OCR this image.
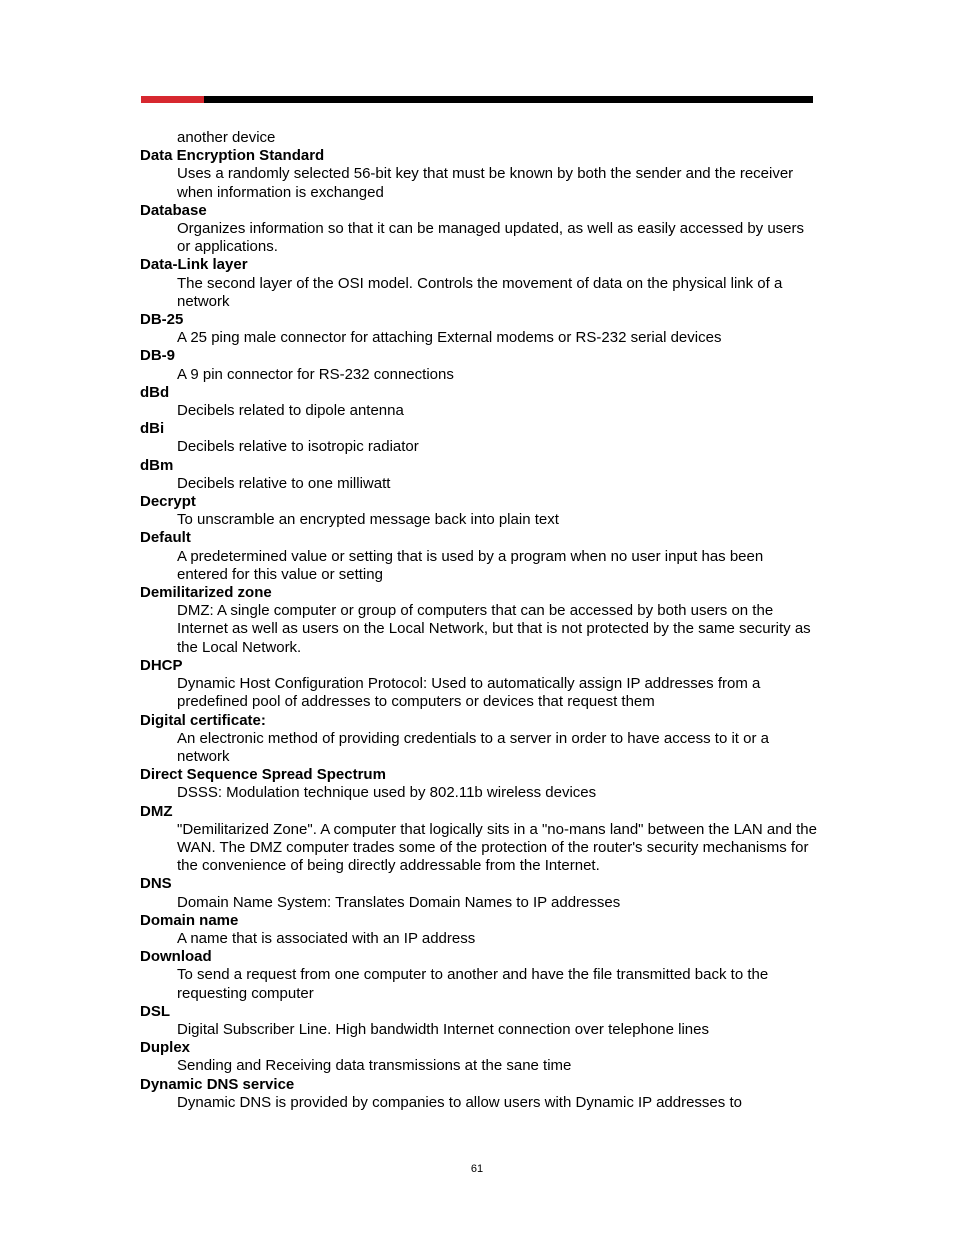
another device

Data Encryption Standard

Uses a randomly selected 56-bit key that must be known by both the sender and the receiver when information is exchanged

Database

Organizes information so that it can be managed updated, as well as easily accessed by users or applications.

Data-Link layer

The second layer of the OSI model. Controls the movement of data on the physical link of a network

DB-25

A 25 ping male connector for attaching External modems or RS-232 serial devices

DB-9

A 9 pin connector for RS-232 connections

dBd

Decibels related to dipole antenna

dBi

Decibels relative to isotropic radiator

dBm

Decibels relative to one milliwatt

Decrypt

To unscramble an encrypted message back into plain text

Default

A predetermined value or setting that is used by a program when no user input has been entered for this value or setting

Demilitarized zone

DMZ: A single computer or group of computers that can be accessed by both users on the Internet as well as users on the Local Network, but that is not protected by the same security as the Local Network.

DHCP

Dynamic Host Configuration Protocol: Used to automatically assign IP addresses from a predefined pool of addresses to computers or devices that request them

Digital certificate:

An electronic method of providing credentials to a server in order to have access to it or a network

Direct Sequence Spread Spectrum

DSSS: Modulation technique used by 802.11b wireless devices

DMZ

"Demilitarized Zone". A computer that logically sits in a "no-mans land" between the LAN and the WAN. The DMZ computer trades some of the protection of the router's security mechanisms for the convenience of being directly addressable from the Internet.

DNS

Domain Name System: Translates Domain Names to IP addresses

Domain name

A name that is associated with an IP address

Download

To send a request from one computer to another and have the file transmitted back to the requesting computer

DSL

Digital Subscriber Line. High bandwidth Internet connection over telephone lines

Duplex

Sending and Receiving data transmissions at the sane time

Dynamic DNS service

Dynamic DNS is provided by companies to allow users with Dynamic IP addresses to

61
